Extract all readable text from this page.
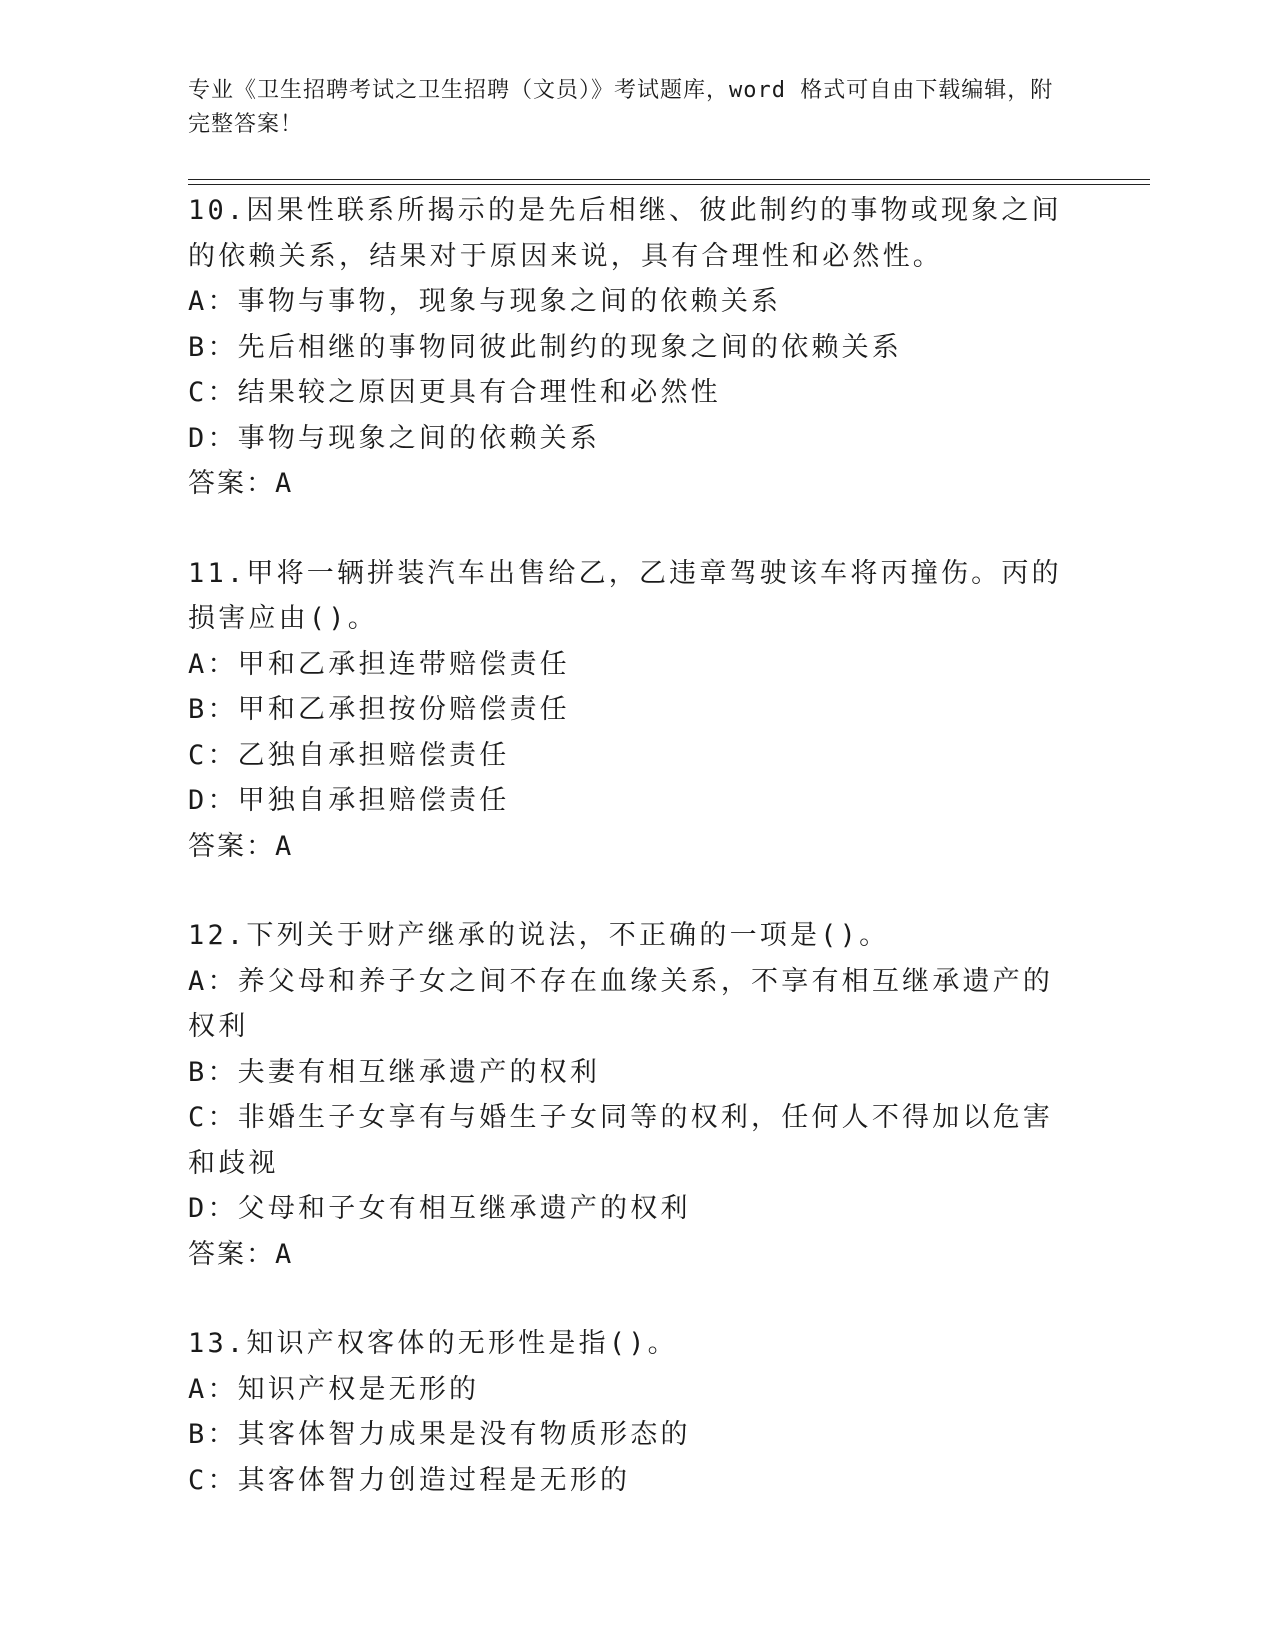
专业《卫生招聘考试之卫生招聘（文员）》考试题库，word 格式可自由下载编辑，附完整答案！
10.因果性联系所揭示的是先后相继、彼此制约的事物或现象之间的依赖关系，结果对于原因来说，具有合理性和必然性。
A：事物与事物，现象与现象之间的依赖关系
B：先后相继的事物同彼此制约的现象之间的依赖关系
C：结果较之原因更具有合理性和必然性
D：事物与现象之间的依赖关系
答案：A
11.甲将一辆拼装汽车出售给乙，乙违章驾驶该车将丙撞伤。丙的损害应由()。
A：甲和乙承担连带赔偿责任
B：甲和乙承担按份赔偿责任
C：乙独自承担赔偿责任
D：甲独自承担赔偿责任
答案：A
12.下列关于财产继承的说法，不正确的一项是()。
A：养父母和养子女之间不存在血缘关系，不享有相互继承遗产的权利
B：夫妻有相互继承遗产的权利
C：非婚生子女享有与婚生子女同等的权利，任何人不得加以危害和歧视
D：父母和子女有相互继承遗产的权利
答案：A
13.知识产权客体的无形性是指()。
A：知识产权是无形的
B：其客体智力成果是没有物质形态的
C：其客体智力创造过程是无形的
